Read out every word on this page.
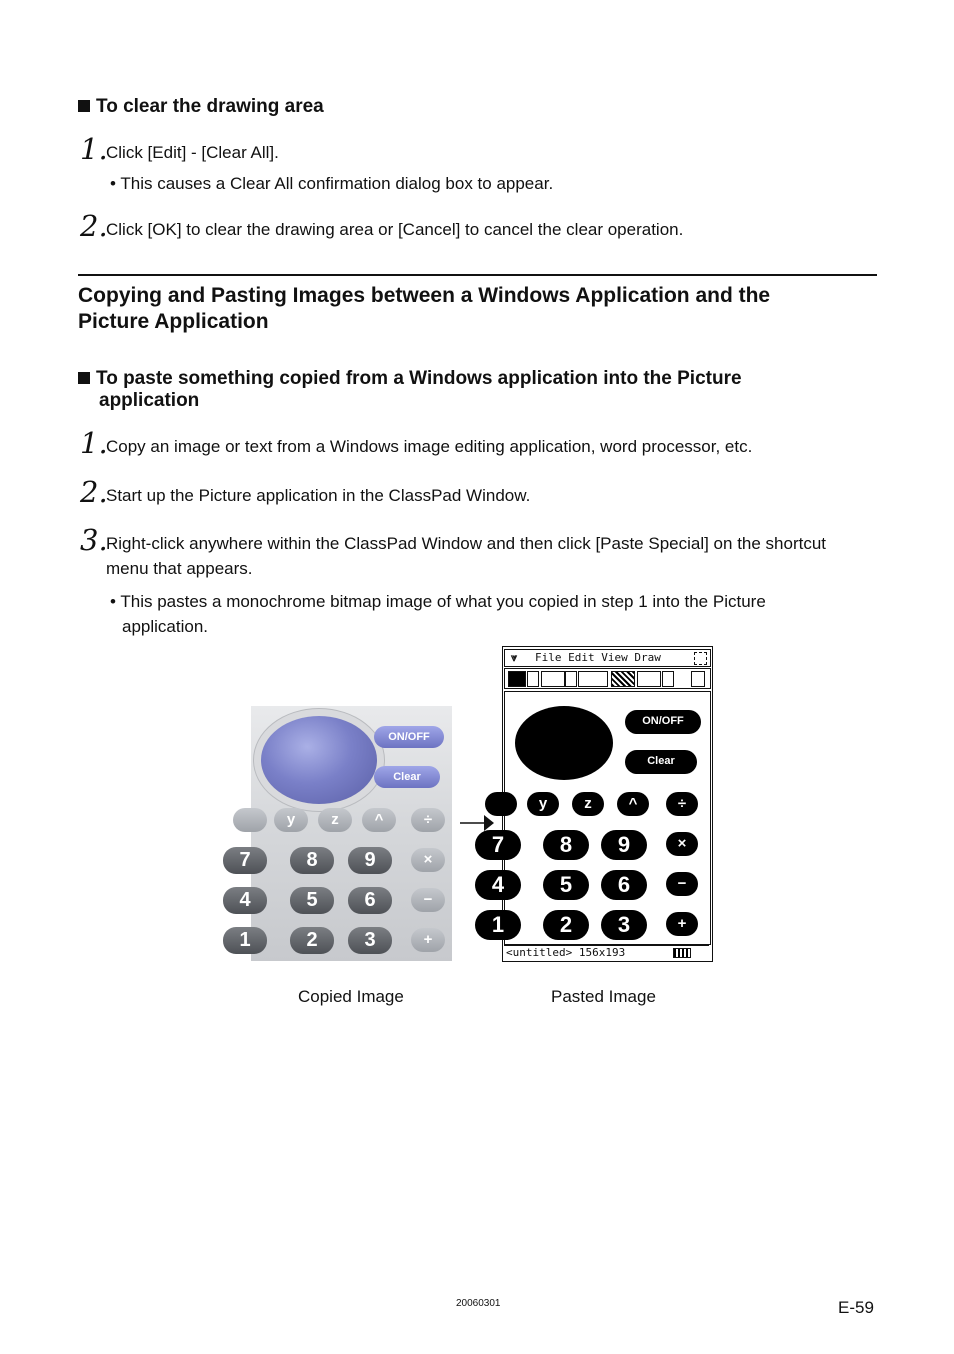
To clear the drawing area
1.
Click [Edit] - [Clear All].
• This causes a Clear All confirmation dialog box to appear.
2.
Click [OK] to clear the drawing area or [Cancel] to cancel the clear operation.
Copying and Pasting Images between a Windows Application and the
Picture Application
To paste something copied from a Windows application into the Picture
application
1.
Copy an image or text from a Windows image editing application, word processor, etc.
2.
Start up the Picture application in the ClassPad Window.
3.
Right-click anywhere within the ClassPad Window and then click [Paste Special] on the shortcut
menu that appears.
• This pastes a monochrome bitmap image of what you copied in step 1 into the Picture
application.
ON/OFF
Clear
y	z	^	÷
7	8	9	×
4	5	6	−
1	2	3	+
⩔ File Edit View Draw
ON/OFF
Clear
y	z	^	÷
7	8	9	×
4	5	6	−
1	2	3	+
<untitled> 156x193
Copied Image	Pasted Image
20060301	E-59
